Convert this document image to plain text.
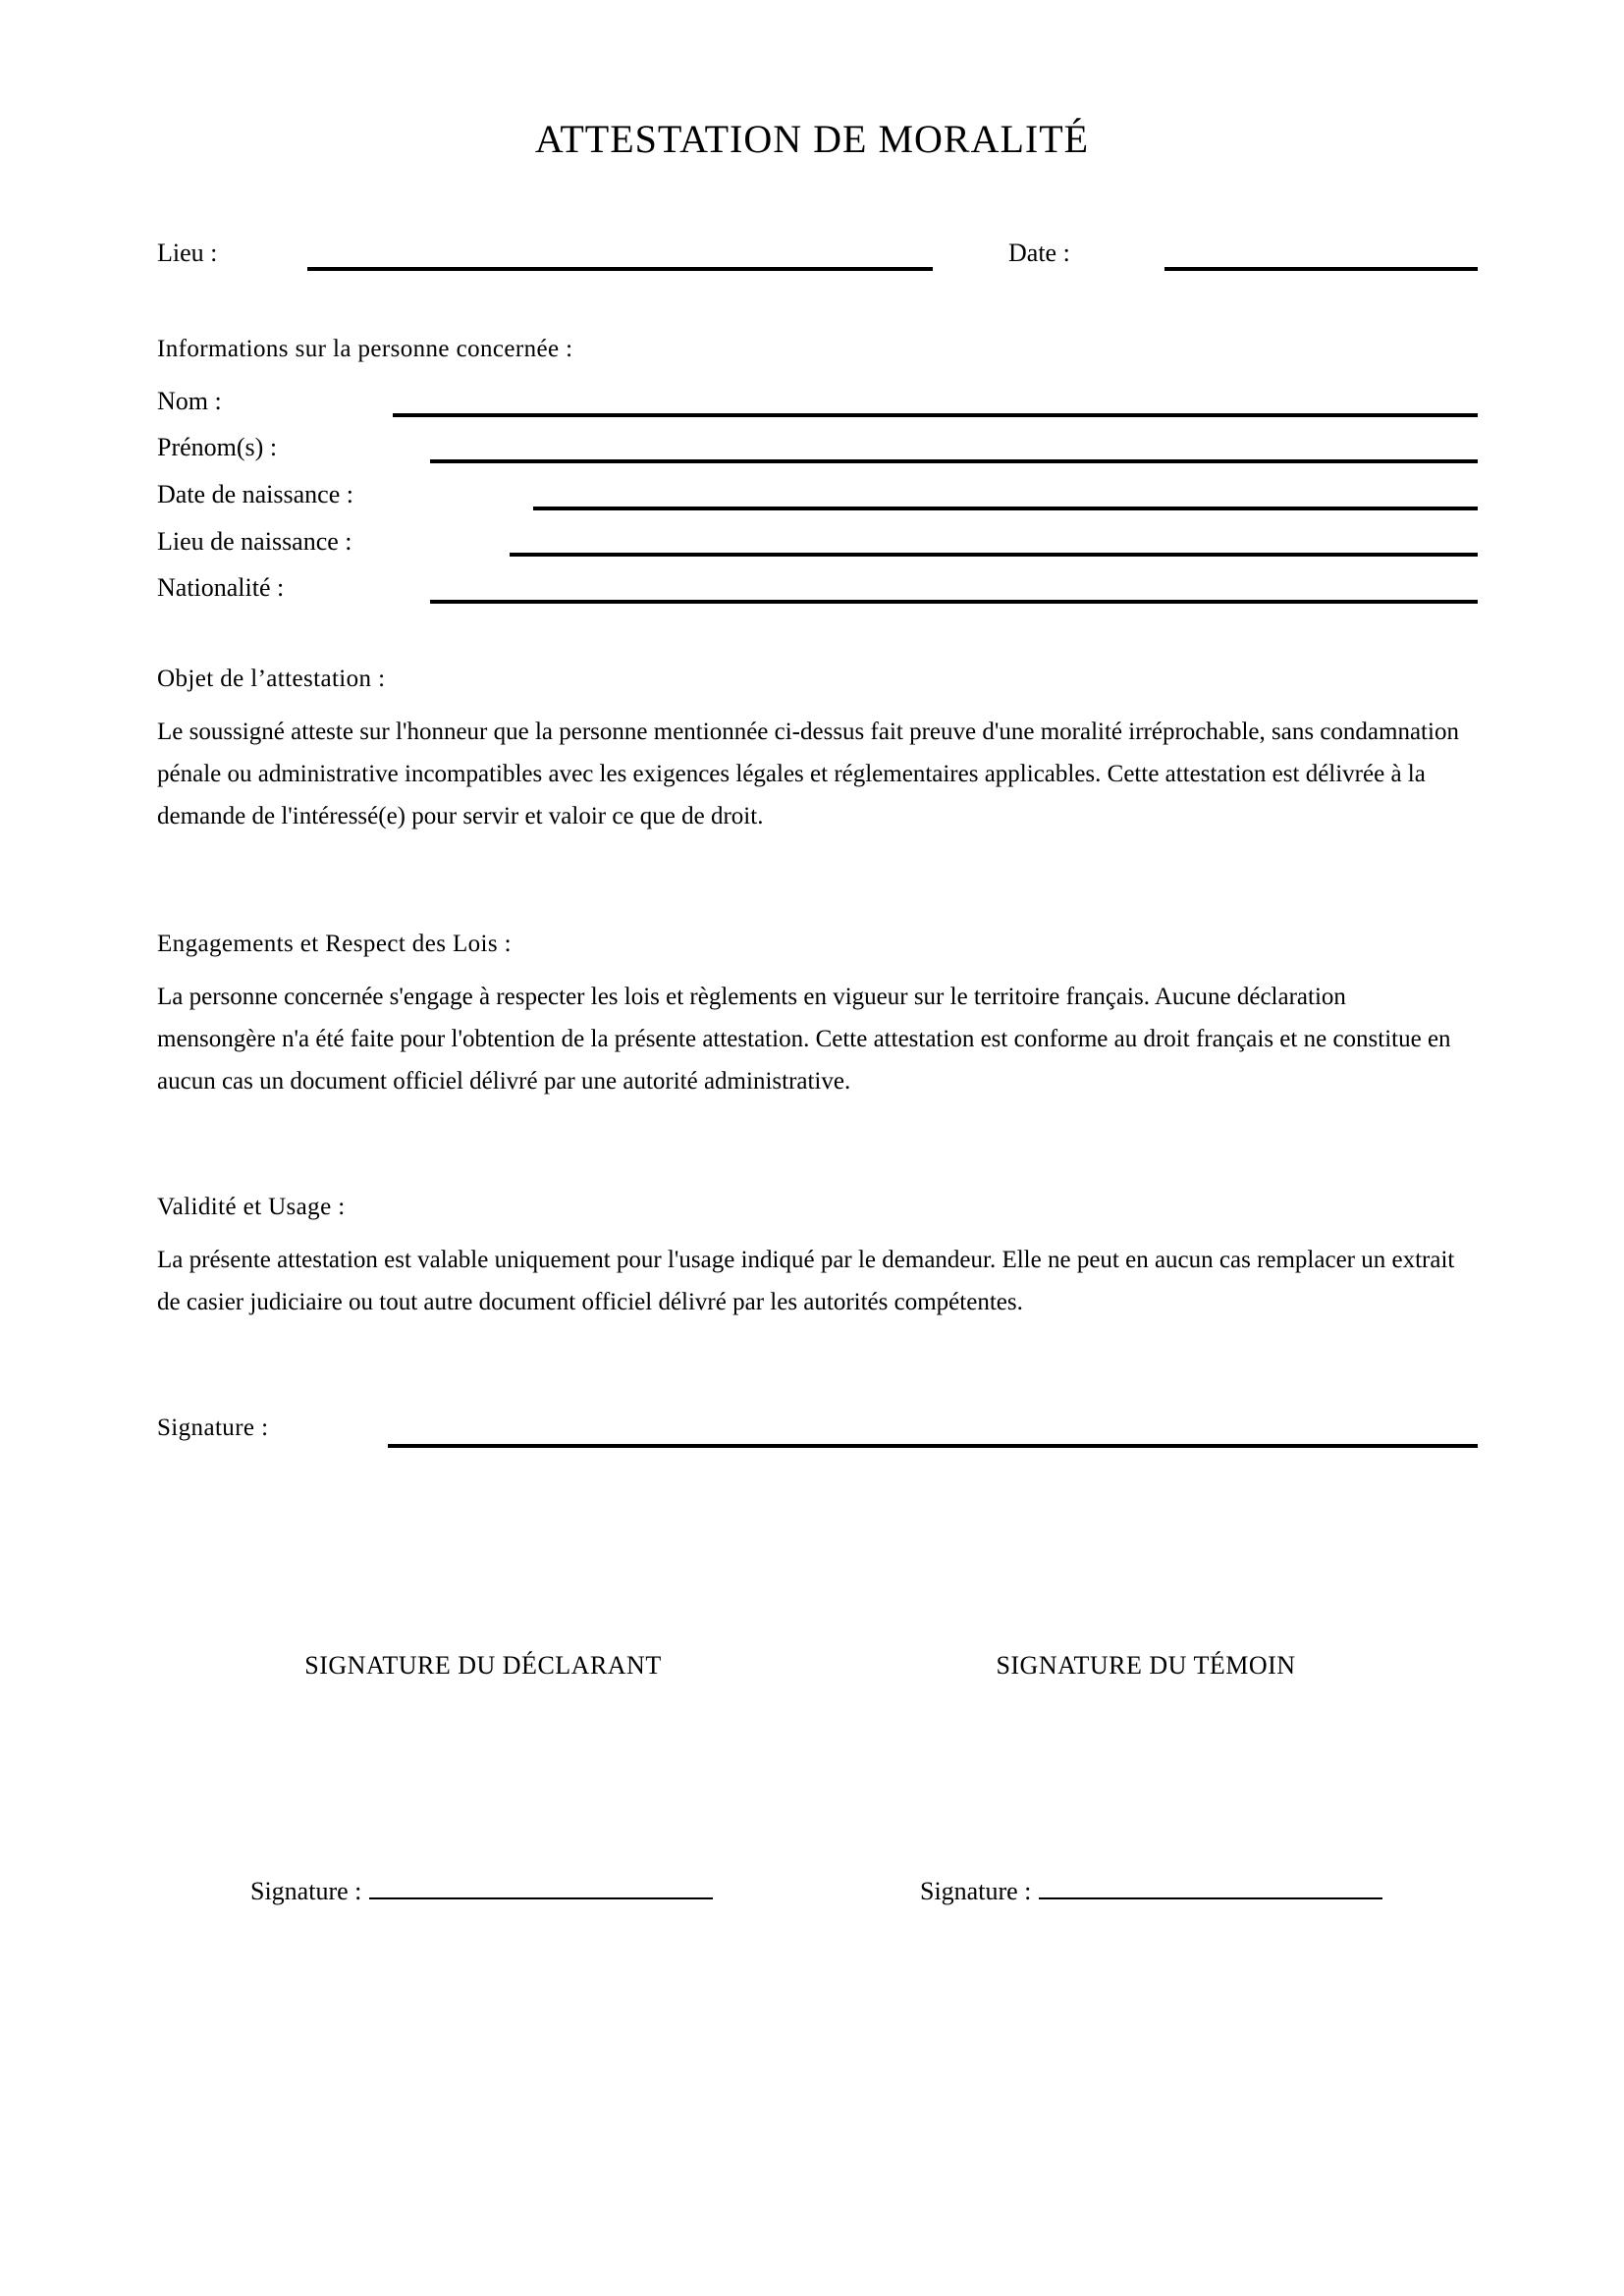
ATTESTATION DE MORALITÉ
Lieu :	Date :
Informations sur la personne concernée :
Nom :
Prénom(s) :
Date de naissance :
Lieu de naissance :
Nationalité :
Objet de l’attestation :
Le soussigné atteste sur l'honneur que la personne mentionnée ci-dessus fait preuve d'une moralité irréprochable, sans condamnation pénale ou administrative incompatibles avec les exigences légales et réglementaires applicables. Cette attestation est délivrée à la demande de l'intéressé(e) pour servir et valoir ce que de droit.
Engagements et Respect des Lois :
La personne concernée s'engage à respecter les lois et règlements en vigueur sur le territoire français. Aucune déclaration mensongère n'a été faite pour l'obtention de la présente attestation. Cette attestation est conforme au droit français et ne constitue en aucun cas un document officiel délivré par une autorité administrative.
Validité et Usage :
La présente attestation est valable uniquement pour l'usage indiqué par le demandeur. Elle ne peut en aucun cas remplacer un extrait de casier judiciaire ou tout autre document officiel délivré par les autorités compétentes.
Signature :
SIGNATURE DU DÉCLARANT	SIGNATURE DU TÉMOIN
Signature :	Signature :
